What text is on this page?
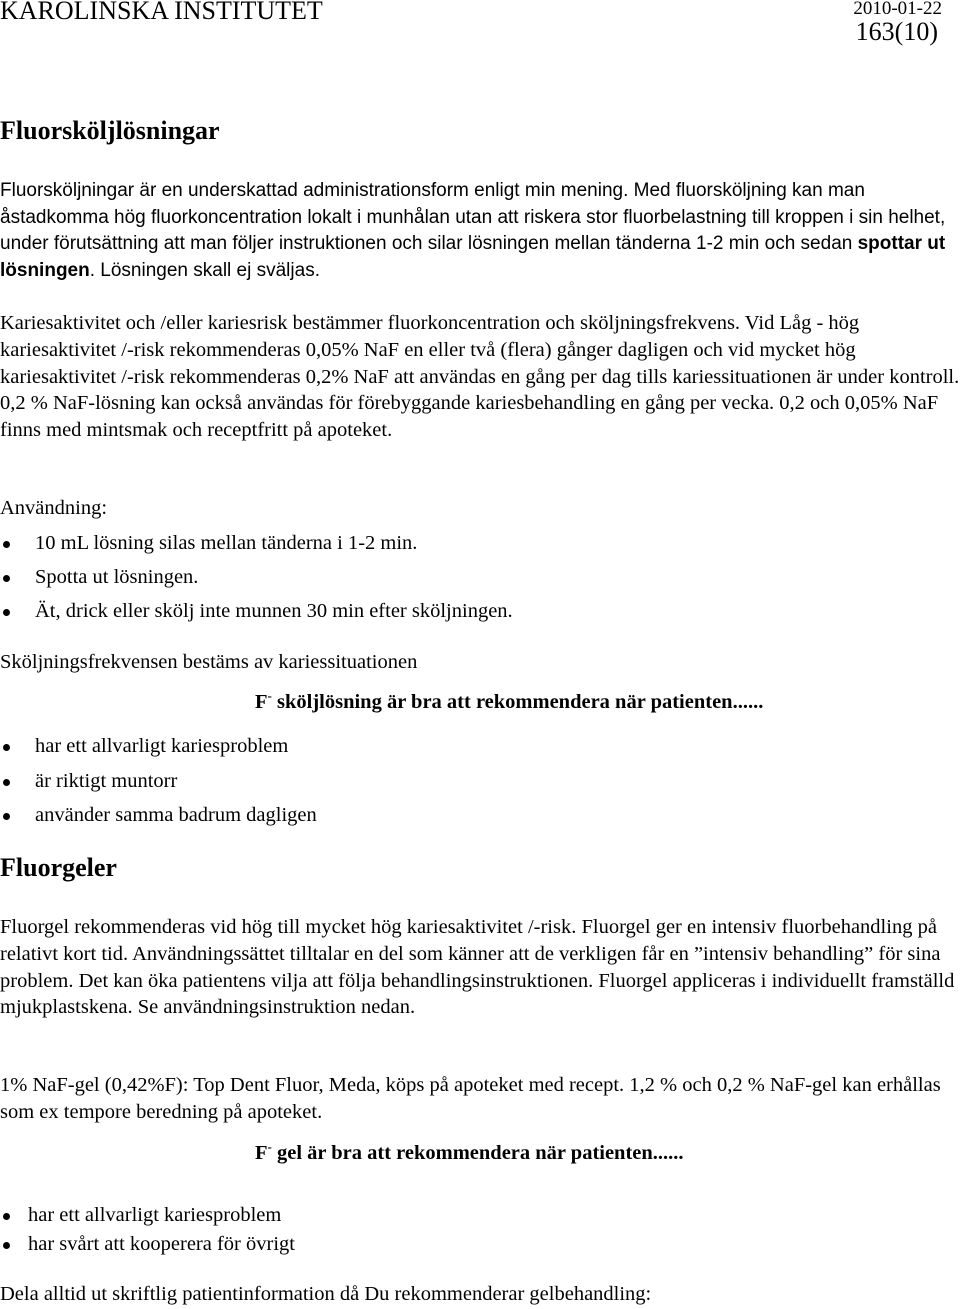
KAROLINSKA INSTITUTET	2010-01-22
163(10)
Fluorsköljlösningar
Fluorsköljningar är en underskattad administrationsform enligt min mening. Med fluorsköljning kan man åstadkomma hög fluorkoncentration lokalt i munhålan utan att riskera stor fluorbelastning till kroppen i sin helhet, under förutsättning att man följer instruktionen och silar lösningen mellan tänderna 1-2 min och sedan spottar ut lösningen. Lösningen skall ej sväljas.
Kariesaktivitet och /eller kariesrisk bestämmer fluorkoncentration och sköljningsfrekvens. Vid Låg - hög kariesaktivitet /-risk rekommenderas 0,05% NaF en eller två (flera) gånger dagligen och vid mycket hög kariesaktivitet /-risk rekommenderas 0,2% NaF att användas en gång per dag tills kariessituationen är under kontroll. 0,2 % NaF-lösning kan också användas för förebyggande kariesbehandling en gång per vecka. 0,2 och 0,05% NaF finns med mintsmak och receptfritt på apoteket.
Användning:
10 mL lösning silas mellan tänderna i 1-2 min.
Spotta ut lösningen.
Ät, drick eller skölj inte munnen 30 min efter sköljningen.
Sköljningsfrekvensen bestäms av kariessituationen
F- sköljlösning är bra att rekommendera när patienten......
har ett allvarligt kariesproblem
är riktigt muntorr
använder samma badrum dagligen
Fluorgeler
Fluorgel rekommenderas vid hög till mycket hög kariesaktivitet /-risk. Fluorgel ger en intensiv fluorbehandling på relativt kort tid. Användningssättet tilltalar en del som känner att de verkligen får en ”intensiv behandling” för sina problem. Det kan öka patientens vilja att följa behandlingsinstruktionen. Fluorgel appliceras i individuellt framställd mjukplastskena. Se användningsinstruktion nedan.
1% NaF-gel (0,42%F): Top Dent Fluor, Meda, köps på apoteket med recept. 1,2 % och 0,2 % NaF-gel kan erhållas som ex tempore beredning på apoteket.
F- gel är bra att rekommendera när patienten......
har ett allvarligt kariesproblem
har svårt att kooperera för övrigt
Dela alltid ut skriftlig patientinformation då Du rekommenderar gelbehandling:
